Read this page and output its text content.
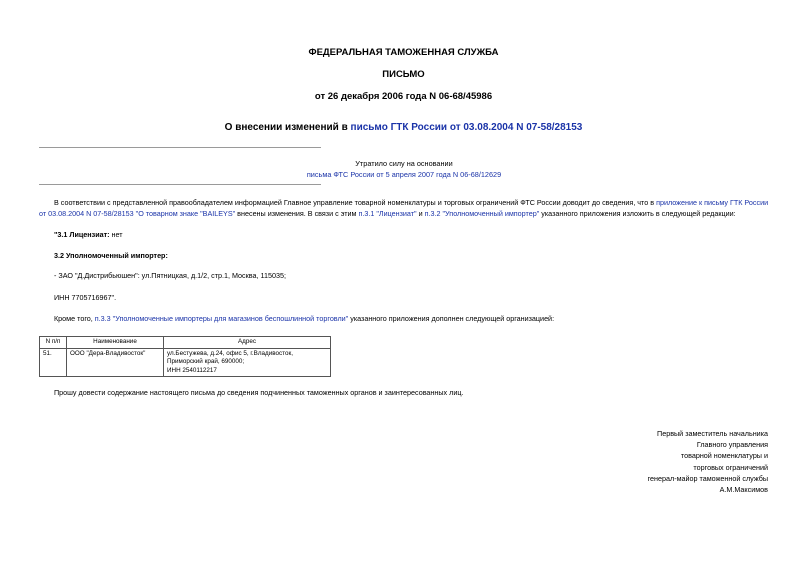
ФЕДЕРАЛЬНАЯ ТАМОЖЕННАЯ СЛУЖБА
ПИСЬМО
от 26 декабря 2006 года N 06-68/45986
О внесении изменений в письмо ГТК России от 03.08.2004 N 07-58/28153
Утратило силу на основании
письма ФТС России от 5 апреля 2007 года N 06-68/12629
В соответствии с представленной правообладателем информацией Главное управление товарной номенклатуры и торговых ограничений ФТС России доводит до сведения, что в приложение к письму ГТК России от 03.08.2004 N 07-58/28153 "О товарном знаке "BAILEYS" внесены изменения. В связи с этим п.3.1 "Лицензиат" и п.3.2 "Уполномоченный импортер" указанного приложения изложить в следующей редакции:
"3.1 Лицензиат: нет
3.2 Уполномоченный импортер:
- ЗАО "Д.Дистрибьюшен": ул.Пятницкая, д.1/2, стр.1, Москва, 115035;
ИНН 7705716967".
Кроме того, п.3.3 "Уполномоченные импортеры для магазинов беспошлинной торговли" указанного приложения дополнен следующей организацией:
N п/п	Наименование	Адрес
51.	ООО "Дера-Владивосток"	ул.Бестужева, д.24, офис 5, г.Владивосток,
Приморский край, 690000;
ИНН 2540112217
Прошу довести содержание настоящего письма до сведения подчиненных таможенных органов и заинтересованных лиц.
Первый заместитель начальника
Главного управления
товарной номенклатуры и
торговых ограничений
генерал-майор таможенной службы
А.М.Максимов
